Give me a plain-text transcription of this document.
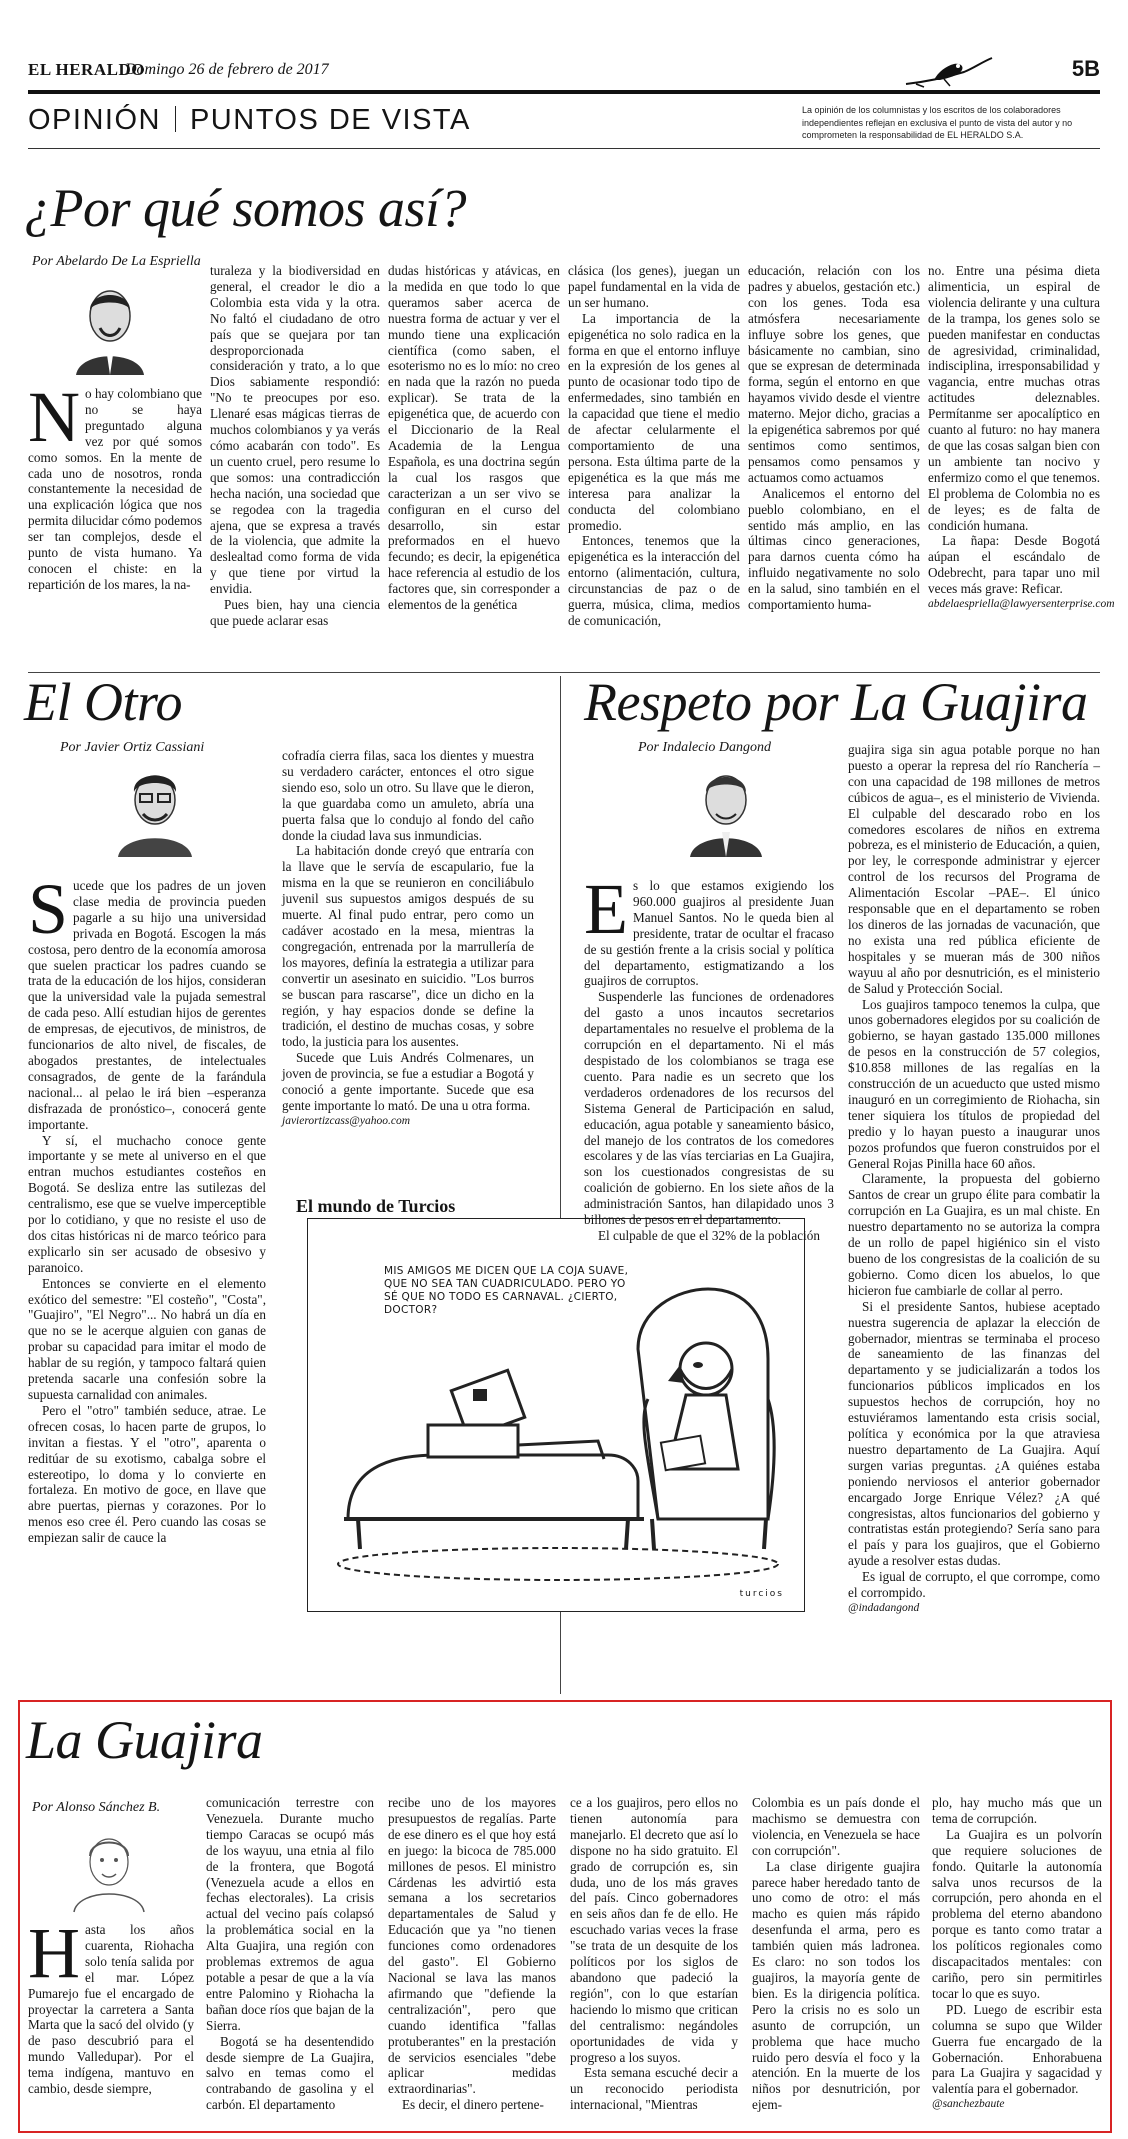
EL HERALDO
Domingo 26 de febrero de 2017	5B
OPINIÓN PUNTOS DE VISTA	La opinión de los columnistas y los escritos de los colaboradores independientes reflejan en exclusiva el punto de vista del autor y no comprometen la responsabilidad de EL HERALDO S.A.
¿Por qué somos así?
Por Abelardo De La Espriella
N o hay colombiano que no se haya preguntado alguna vez por qué somos como somos. En la mente de cada uno de nosotros, ronda constantemente la necesidad de una explicación lógica que nos permita dilucidar cómo podemos ser tan complejos, desde el punto de vista humano. Ya conocen el chiste: en la repartición de los mares, la na-

turaleza y la biodiversidad en general, el creador le dio a Colombia esta vida y la otra. No faltó el ciudadano de otro país que se quejara por tan desproporcionada consideración y trato, a lo que Dios sabiamente respondió: "No te preocupes por eso. Llenaré esas mágicas tierras de muchos colombianos y ya verás cómo acabarán con todo". Es un cuento cruel, pero resume lo que somos: una contradicción hecha nación, una sociedad que se regodea con la tragedia ajena, que se expresa a través de la violencia, que admite la deslealtad como forma de vida y que tiene por virtud la envidia.

Pues bien, hay una ciencia que puede aclarar esas

dudas históricas y atávicas, en la medida en que todo lo que queramos saber acerca de nuestra forma de actuar y ver el mundo tiene una explicación científica (como saben, el esoterismo no es lo mío: no creo en nada que la razón no pueda explicar). Se trata de la epigenética que, de acuerdo con el Diccionario de la Real Academia de la Lengua Española, es una doctrina según la cual los rasgos que caracterizan a un ser vivo se configuran en el curso del desarrollo, sin estar preformados en el huevo fecundo; es decir, la epigenética hace referencia al estudio de los factores que, sin corresponder a elementos de la genética

clásica (los genes), juegan un papel fundamental en la vida de un ser humano.

La importancia de la epigenética no solo radica en la forma en que el entorno influye en la expresión de los genes al punto de ocasionar todo tipo de enfermedades, sino también en la capacidad que tiene el medio de afectar celularmente el comportamiento de una persona. Esta última parte de la epigenética es la que más me interesa para analizar la conducta del colombiano promedio.

Entonces, tenemos que la epigenética es la interacción del entorno (alimentación, cultura, circunstancias de paz o de guerra, música, clima, medios de comunicación,

educación, relación con los padres y abuelos, gestación etc.) con los genes. Toda esa atmósfera necesariamente influye sobre los genes, que básicamente no cambian, sino que se expresan de determinada forma, según el entorno en que hayamos vivido desde el vientre materno. Mejor dicho, gracias a la epigenética sabremos por qué sentimos como sentimos, pensamos como pensamos y actuamos como actuamos

Analicemos el entorno del pueblo colombiano, en el sentido más amplio, en las últimas cinco generaciones, para darnos cuenta cómo ha influido negativamente no solo en la salud, sino también en el comportamiento huma-

no. Entre una pésima dieta alimenticia, un espiral de violencia delirante y una cultura de la trampa, los genes solo se pueden manifestar en conductas de agresividad, criminalidad, indisciplina, irresponsabilidad y vagancia, entre muchas otras actitudes deleznables. Permítanme ser apocalíptico en cuanto al futuro: no hay manera de que las cosas salgan bien con un ambiente tan nocivo y enfermizo como el que tenemos. El problema de Colombia no es de leyes; es de falta de condición humana.

La ñapa: Desde Bogotá aúpan el escándalo de Odebrecht, para tapar uno mil veces más grave: Reficar.

abdelaespriella@lawyersenterprise.com

El Otro
Por Javier Ortiz Cassiani
S ucede que los padres de un joven clase media de provincia pueden pagarle a su hijo una universidad privada en Bogotá. Escogen la más costosa, pero dentro de la economía amorosa que suelen practicar los padres cuando se trata de la educación de los hijos, consideran que la universidad vale la pujada semestral de cada peso. Allí estudian hijos de gerentes de empresas, de ejecutivos, de ministros, de funcionarios de alto nivel, de fiscales, de abogados prestantes, de intelectuales consagrados, de gente de la farándula nacional... al pelao le irá bien –esperanza disfrazada de pronóstico–, conocerá gente importante.

Y sí, el muchacho conoce gente importante y se mete al universo en el que entran muchos estudiantes costeños en Bogotá. Se desliza entre las sutilezas del centralismo, ese que se vuelve imperceptible por lo cotidiano, y que no resiste el uso de dos citas históricas ni de marco teórico para explicarlo sin ser acusado de obsesivo y paranoico.

Entonces se convierte en el elemento exótico del semestre: "El costeño", "Costa", "Guajiro", "El Negro"... No habrá un día en que no se le acerque alguien con ganas de probar su capacidad para imitar el modo de hablar de su región, y tampoco faltará quien pretenda sacarle una confesión sobre la supuesta carnalidad con animales.

Pero el "otro" también seduce, atrae. Le ofrecen cosas, lo hacen parte de grupos, lo invitan a fiestas. Y el "otro", aparenta o reditúar de su exotismo, cabalga sobre el estereotipo, lo doma y lo convierte en fortaleza. En motivo de goce, en llave que abre puertas, piernas y corazones. Por lo menos eso cree él. Pero cuando las cosas se empiezan salir de cauce la

cofradía cierra filas, saca los dientes y muestra su verdadero carácter, entonces el otro sigue siendo eso, solo un otro. Su llave que le dieron, la que guardaba como un amuleto, abría una puerta falsa que lo condujo al fondo del caño donde la ciudad lava sus inmundicias.

La habitación donde creyó que entraría con la llave que le servía de escapulario, fue la misma en la que se reunieron en conciliábulo juvenil sus supuestos amigos después de su muerte. Al final pudo entrar, pero como un cadáver acostado en la mesa, mientras la congregación, entrenada por la marrullería de los mayores, definía la estrategia a utilizar para convertir un asesinato en suicidio. "Los burros se buscan para rascarse", dice un dicho en la región, y hay espacios donde se define la tradición, el destino de muchas cosas, y sobre todo, la justicia para los ausentes.

Sucede que Luis Andrés Colmenares, un joven de provincia, se fue a estudiar a Bogotá y conoció a gente importante. Sucede que esa gente importante lo mató. De una u otra forma.

javierortizcass@yahoo.com

El mundo de Turcios
MIS AMIGOS ME DICEN QUE LA COJA SUAVE, QUE NO SEA TAN CUADRICULADO. PERO YO SÉ QUE NO TODO ES CARNAVAL. ¿CIERTO, DOCTOR?
turcios
Respeto por La Guajira
Por Indalecio Dangond
E s lo que estamos exigiendo los 960.000 guajiros al presidente Juan Manuel Santos. No le queda bien al presidente, tratar de ocultar el fracaso de su gestión frente a la crisis social y política del departamento, estigmatizando a los guajiros de corruptos.

Suspenderle las funciones de ordenadores del gasto a unos incautos secretarios departamentales no resuelve el problema de la corrupción en el departamento. Ni el más despistado de los colombianos se traga ese cuento. Para nadie es un secreto que los verdaderos ordenadores de los recursos del Sistema General de Participación en salud, educación, agua potable y saneamiento básico, del manejo de los contratos de los comedores escolares y de las vías terciarias en La Guajira, son los cuestionados congresistas de su coalición de gobierno. En los siete años de la administración Santos, han dilapidado unos 3 billones de pesos en el departamento.

El culpable de que el 32% de la población

guajira siga sin agua potable porque no han puesto a operar la represa del río Ranchería –con una capacidad de 198 millones de metros cúbicos de agua–, es el ministerio de Vivienda. El culpable del descarado robo en los comedores escolares de niños en extrema pobreza, es el ministerio de Educación, a quien, por ley, le corresponde administrar y ejercer control de los recursos del Programa de Alimentación Escolar –PAE–. El único responsable que en el departamento se roben los dineros de las jornadas de vacunación, que no exista una red pública eficiente de hospitales y se mueran más de 300 niños wayuu al año por desnutrición, es el ministerio de Salud y Protección Social.

Los guajiros tampoco tenemos la culpa, que unos gobernadores elegidos por su coalición de gobierno, se hayan gastado 135.000 millones de pesos en la construcción de 57 colegios, $10.858 millones de las regalías en la construcción de un acueducto que usted mismo inauguró en un corregimiento de Riohacha, sin tener siquiera los títulos de propiedad del predio y lo hayan puesto a inaugurar unos pozos profundos que fueron construidos por el General Rojas Pinilla hace 60 años.

Claramente, la propuesta del gobierno Santos de crear un grupo élite para combatir la corrupción en La Guajira, es un mal chiste. En nuestro departamento no se autoriza la compra de un rollo de papel higiénico sin el visto bueno de los congresistas de la coalición de su gobierno. Como dicen los abuelos, lo que hicieron fue cambiarle de collar al perro.

Si el presidente Santos, hubiese aceptado nuestra sugerencia de aplazar la elección de gobernador, mientras se terminaba el proceso de saneamiento de las finanzas del departamento y se judicializarán a todos los funcionarios públicos implicados en los supuestos hechos de corrupción, hoy no estuviéramos lamentando esta crisis social, política y económica por la que atraviesa nuestro departamento de La Guajira. Aquí surgen varias preguntas. ¿A quiénes estaba poniendo nerviosos el anterior gobernador encargado Jorge Enrique Vélez? ¿A qué congresistas, altos funcionarios del gobierno y contratistas están protegiendo? Sería sano para el país y para los guajiros, que el Gobierno ayude a resolver estas dudas.

Es igual de corrupto, el que corrompe, como el corrompido.

@indadangond

La Guajira
Por Alonso Sánchez B.
H asta los años cuarenta, Riohacha solo tenía salida por el mar. López Pumarejo fue el encargado de proyectar la carretera a Santa Marta que la sacó del olvido (y de paso descubrió para el mundo Valledupar). Por el tema indígena, mantuvo en cambio, desde siempre,

comunicación terrestre con Venezuela. Durante mucho tiempo Caracas se ocupó más de los wayuu, una etnia al filo de la frontera, que Bogotá (Venezuela acude a ellos en fechas electorales). La crisis actual del vecino país colapsó la problemática social en la Alta Guajira, una región con problemas extremos de agua potable a pesar de que a la vía entre Palomino y Riohacha la bañan doce ríos que bajan de la Sierra.

Bogotá se ha desentendido desde siempre de La Guajira, salvo en temas como el contrabando de gasolina y el carbón. El departamento

recibe uno de los mayores presupuestos de regalías. Parte de ese dinero es el que hoy está en juego: la bicoca de 785.000 millones de pesos. El ministro Cárdenas les advirtió esta semana a los secretarios departamentales de Salud y Educación que ya "no tienen funciones como ordenadores del gasto". El Gobierno Nacional se lava las manos afirmando que "defiende la centralización", pero que cuando identifica "fallas protuberantes" en la prestación de servicios esenciales "debe aplicar medidas extraordinarias".

Es decir, el dinero pertene-

ce a los guajiros, pero ellos no tienen autonomía para manejarlo. El decreto que así lo dispone no ha sido gratuito. El grado de corrupción es, sin duda, uno de los más graves del país. Cinco gobernadores en seis años dan fe de ello. He escuchado varias veces la frase "se trata de un desquite de los políticos por los siglos de abandono que padeció la región", con lo que estarían haciendo lo mismo que critican del centralismo: negándoles oportunidades de vida y progreso a los suyos.

Esta semana escuché decir a un reconocido periodista internacional, "Mientras

Colombia es un país donde el machismo se demuestra con violencia, en Venezuela se hace con corrupción".

La clase dirigente guajira parece haber heredado tanto de uno como de otro: el más macho es quien más rápido desenfunda el arma, pero es también quien más ladronea. Es claro: no son todos los guajiros, la mayoría gente de bien. Es la dirigencia política. Pero la crisis no es solo un asunto de corrupción, un problema que hace mucho ruido pero desvía el foco y la atención. En la muerte de los niños por desnutrición, por ejem-

plo, hay mucho más que un tema de corrupción.

La Guajira es un polvorín que requiere soluciones de fondo. Quitarle la autonomía salva unos recursos de la corrupción, pero ahonda en el problema del eterno abandono porque es tanto como tratar a los políticos regionales como discapacitados mentales: con cariño, pero sin permitirles tocar lo que es suyo.

PD. Luego de escribir esta columna se supo que Wilder Guerra fue encargado de la Gobernación. Enhorabuena para La Guajira y sagacidad y valentía para el gobernador.

@sanchezbaute
